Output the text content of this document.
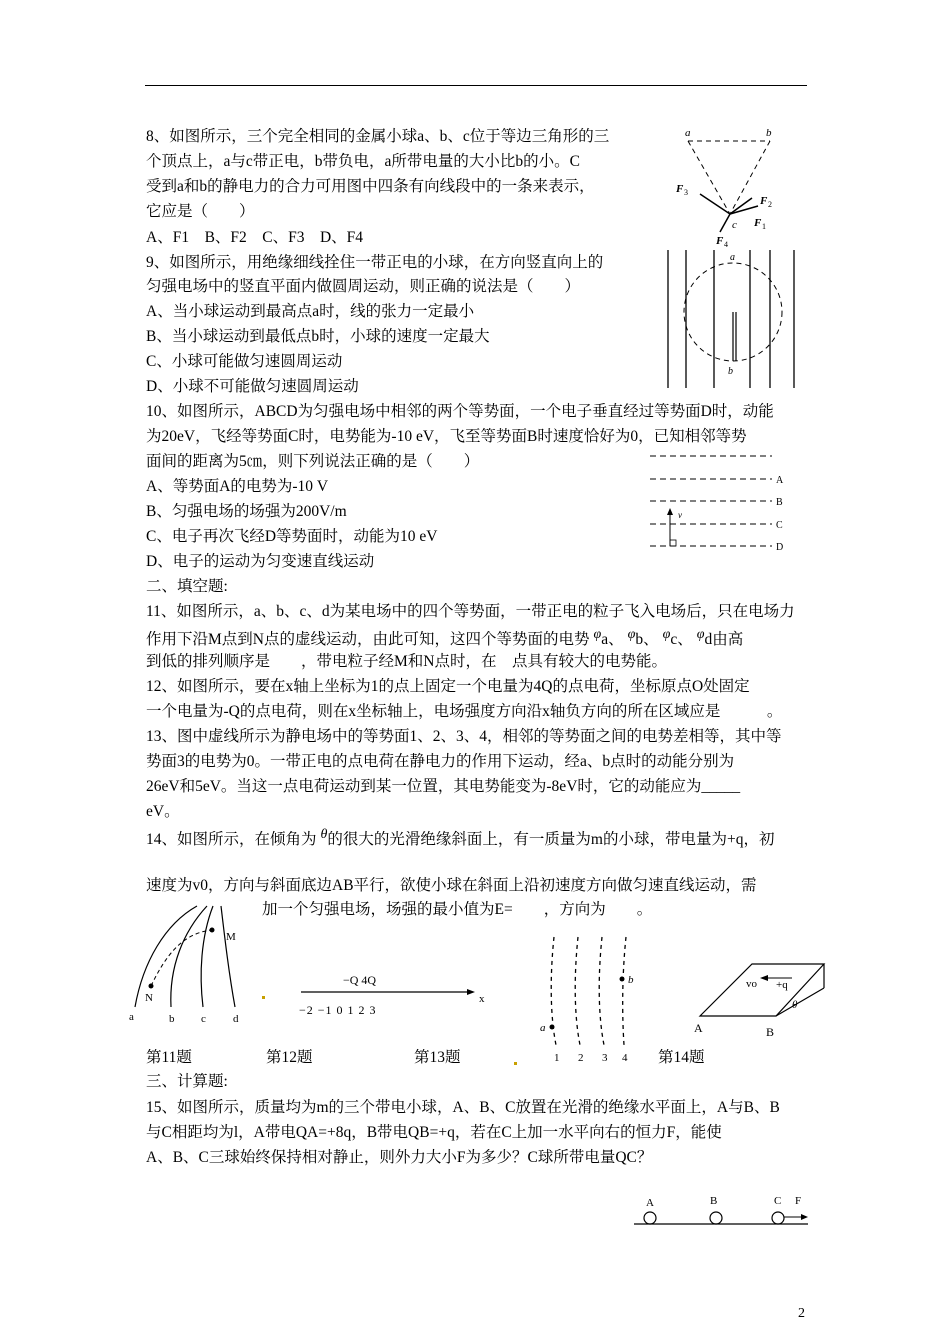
8、如图所示，三个完全相同的金属小球a、b、c位于等边三角形的三
个顶点上，a与c带正电，b带负电，a所带电量的大小比b的小。C
受到a和b的静电力的合力可用图中四条有向线段中的一条来表示，
它应是（　　）
A、F1　B、F2　C、F3　D、F4
a	b
c F 1
F 2
F 3
F 4
9、如图所示，用绝缘细线拴住一带正电的小球，在方向竖直向上的
匀强电场中的竖直平面内做圆周运动，则正确的说法是（　　）
A、当小球运动到最高点a时，线的张力一定最小
B、当小球运动到最低点b时，小球的速度一定最大
C、小球可能做匀速圆周运动
D、小球不可能做匀速圆周运动
a
b
10、如图所示，ABCD为匀强电场中相邻的两个等势面，一个电子垂直经过等势面D时，动能
为20eV，飞经等势面C时，电势能为-10 eV，飞至等势面B时速度恰好为0，已知相邻等势
面间的距离为5㎝，则下列说法正确的是（　　）
A、等势面A的电势为-10 V
B、匀强电场的场强为200V/m
C、电子再次飞经D等势面时，动能为10 eV
D、电子的运动为匀变速直线运动
v
A
B
C
D
二、填空题:
11、如图所示，a、b、c、d为某电场中的四个等势面，一带正电的粒子飞入电场后，只在电场力
作用下沿M点到N点的虚线运动，由此可知，这四个等势面的电势 φa、 φb、 φc、 φd由高
到低的排列顺序是　　，带电粒子经M和N点时，在　点具有较大的电势能。
12、如图所示，要在x轴上坐标为1的点上固定一个电量为4Q的点电荷，坐标原点O处固定
一个电量为-Q的点电荷，则在x坐标轴上，电场强度方向沿x轴负方向的所在区域应是　　　。
13、图中虚线所示为静电场中的等势面1、2、3、4，相邻的等势面之间的电势差相等，其中等
势面3的电势为0。一带正电的点电荷在静电力的作用下运动，经a、b点时的动能分别为
26eV和5eV。当这一点电荷运动到某一位置，其电势能变为-8eV时，它的动能应为_____
eV。
14、如图所示，在倾角为 θ的很大的光滑绝缘斜面上，有一质量为m的小球，带电量为+q，初
速度为v0，方向与斜面底边AB平行，欲使小球在斜面上沿初速度方向做匀速直线运动，需
加一个匀强电场，场强的最小值为E=　　，方向为　　。
M
N
a	b c d
−Q 4Q
−2 −1 0 1 2 3
x
a
b
1 2 3 4
vo +q
θ
A	B
第11题	第12题	第13题	第14题
三、计算题:
15、如图所示，质量均为m的三个带电小球，A、B、C放置在光滑的绝缘水平面上，A与B、B
与C相距均为l，A带电QA=+8q，B带电QB=+q，若在C上加一水平向右的恒力F，能使
A、B、C三球始终保持相对静止，则外力大小F为多少？C球所带电量QC？
A	B	C F
2
